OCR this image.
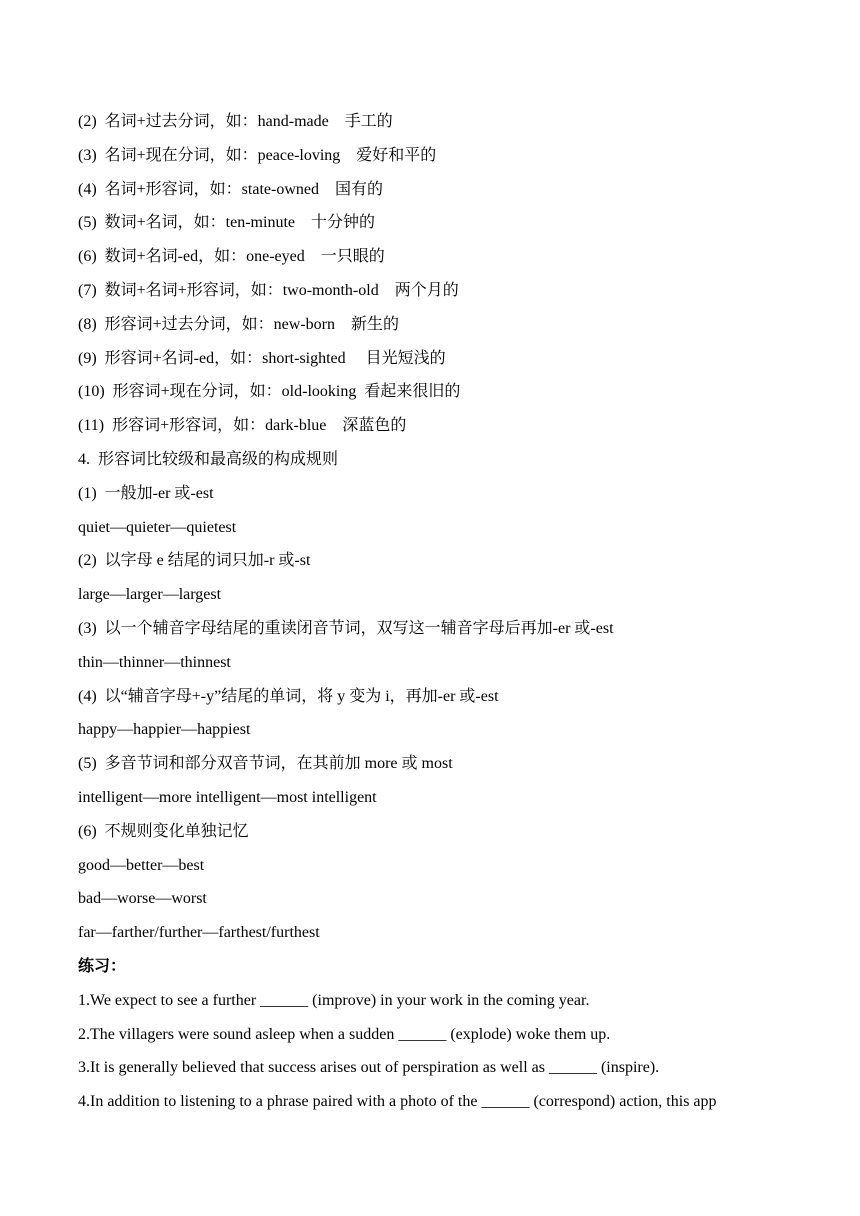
(2)  名词+过去分词，如：hand-made    手工的
(3)  名词+现在分词，如：peace-loving    爱好和平的
(4)  名词+形容词，如：state-owned    国有的
(5)  数词+名词，如：ten-minute    十分钟的
(6)  数词+名词-ed，如：one-eyed    一只眼的
(7)  数词+名词+形容词，如：two-month-old    两个月的
(8)  形容词+过去分词，如：new-born    新生的
(9)  形容词+名词-ed，如：short-sighted     目光短浅的
(10)  形容词+现在分词，如：old-looking  看起来很旧的
(11)  形容词+形容词，如：dark-blue    深蓝色的
4.  形容词比较级和最高级的构成规则
(1)  一般加-er 或-est
quiet—quieter—quietest
(2)  以字母 e 结尾的词只加-r 或-st
large—larger—largest
(3)  以一个辅音字母结尾的重读闭音节词，双写这一辅音字母后再加-er 或-est
thin—thinner—thinnest
(4)  以“辅音字母+-y”结尾的单词，将 y 变为 i，再加-er 或-est
happy—happier—happiest
(5)  多音节词和部分双音节词，在其前加 more 或 most
intelligent—more intelligent—most intelligent
(6)  不规则变化单独记忆
good—better—best
bad—worse—worst
far—farther/further—farthest/furthest
练习：
1.We expect to see a further ______ (improve) in your work in the coming year.
2.The villagers were sound asleep when a sudden ______ (explode) woke them up.
3.It is generally believed that success arises out of perspiration as well as ______ (inspire).
4.In addition to listening to a phrase paired with a photo of the ______ (correspond) action, this app
